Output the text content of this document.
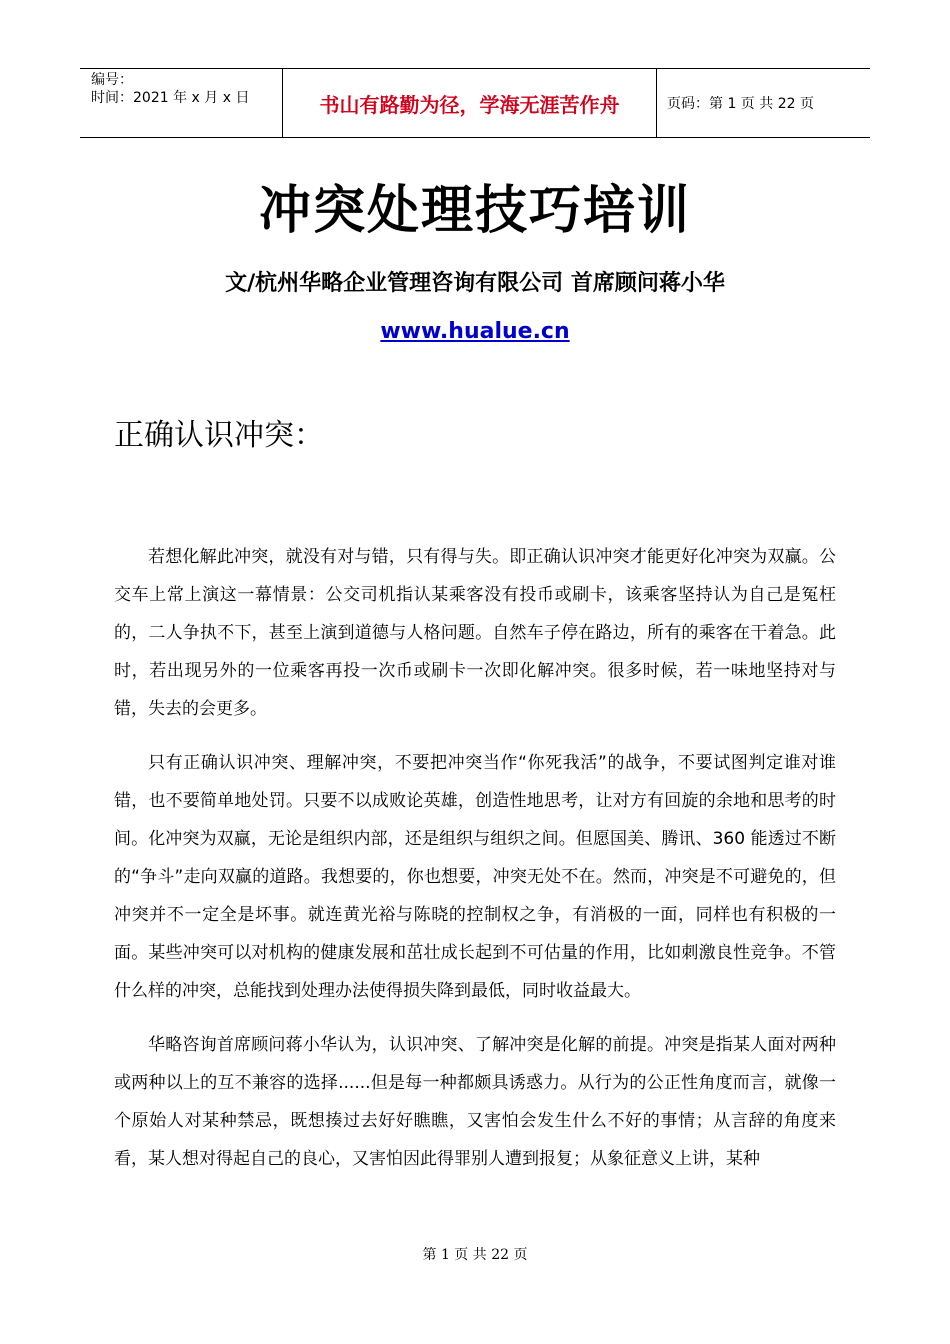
编号：
时间：2021 年 x 月 x 日	书山有路勤为径，学海无涯苦作舟	页码：第 1 页 共 22 页
冲突处理技巧培训
文/杭州华略企业管理咨询有限公司 首席顾问蒋小华
www.hualue.cn
正确认识冲突：

若想化解此冲突，就没有对与错，只有得与失。即正确认识冲突才能更好化冲突为双赢。公交车上常上演这一幕情景：公交司机指认某乘客没有投币或刷卡，该乘客坚持认为自己是冤枉的，二人争执不下，甚至上演到道德与人格问题。自然车子停在路边，所有的乘客在干着急。此时，若出现另外的一位乘客再投一次币或刷卡一次即化解冲突。很多时候，若一味地坚持对与错，失去的会更多。

只有正确认识冲突、理解冲突，不要把冲突当作“你死我活”的战争，不要试图判定谁对谁错，也不要简单地处罚。只要不以成败论英雄，创造性地思考，让对方有回旋的余地和思考的时间。化冲突为双赢，无论是组织内部，还是组织与组织之间。但愿国美、腾讯、360 能透过不断的“争斗”走向双赢的道路。我想要的，你也想要，冲突无处不在。然而，冲突是不可避免的，但冲突并不一定全是坏事。就连黄光裕与陈晓的控制权之争，有消极的一面，同样也有积极的一面。某些冲突可以对机构的健康发展和茁壮成长起到不可估量的作用，比如刺激良性竞争。不管什么样的冲突，总能找到处理办法使得损失降到最低，同时收益最大。

华略咨询首席顾问蒋小华认为，认识冲突、了解冲突是化解的前提。冲突是指某人面对两种或两种以上的互不兼容的选择......但是每一种都颇具诱惑力。从行为的公正性角度而言，就像一个原始人对某种禁忌，既想揍过去好好瞧瞧，又害怕会发生什么不好的事情；从言辞的角度来看，某人想对得起自己的良心，又害怕因此得罪别人遭到报复；从象征意义上讲，某种

第 1 页 共 22 页
